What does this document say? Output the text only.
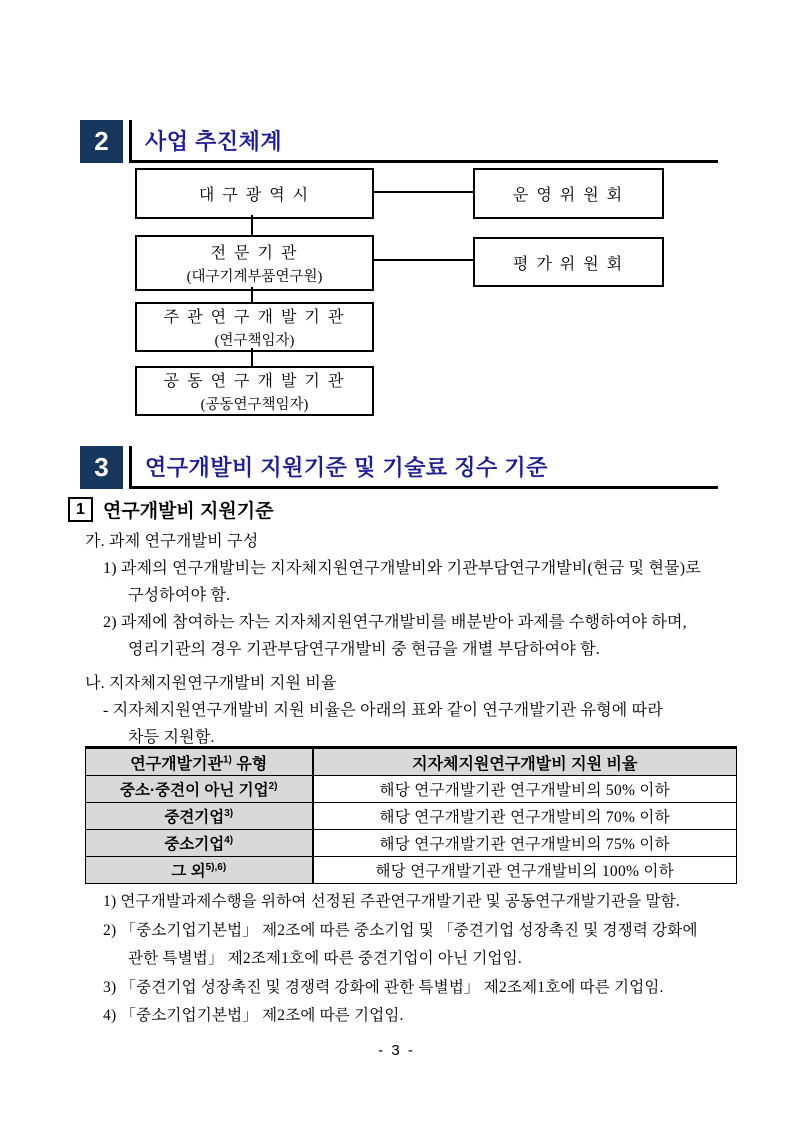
2	사업 추진체계
대 구 광 역 시	운 영 위 원 회
전 문 기 관
(대구기계부품연구원)
평 가 위 원 회
주 관 연 구 개 발 기 관
(연구책임자)
공 동 연 구 개 발 기 관
(공동연구책임자)
3	연구개발비 지원기준 및 기술료 징수 기준
1 연구개발비 지원기준
가. 과제 연구개발비 구성
1) 과제의 연구개발비는 지자체지원연구개발비와 기관부담연구개발비(현금 및 현물)로
구성하여야 함.
2) 과제에 참여하는 자는 지자체지원연구개발비를 배분받아 과제를 수행하여야 하며,
영리기관의 경우 기관부담연구개발비 중 현금을 개별 부담하여야 함.
나. 지자체지원연구개발비 지원 비율
- 지자체지원연구개발비 지원 비율은 아래의 표와 같이 연구개발기관 유형에 따라
차등 지원함.
연구개발기관$^{1)}$ 유형	지자체지원연구개발비 지원 비율
중소·중견이 아닌 기업$^{2)}$	해당 연구개발기관 연구개발비의 50% 이하
중견기업$^{3)}$	해당 연구개발기관 연구개발비의 70% 이하
중소기업$^{4)}$	해당 연구개발기관 연구개발비의 75% 이하
그 외$^{5),6)}$	해당 연구개발기관 연구개발비의 100% 이하
1) 연구개발과제수행을 위하여 선정된 주관연구개발기관 및 공동연구개발기관을 말함.
2) 「중소기업기본법」 제2조에 따른 중소기업 및 「중견기업 성장촉진 및 경쟁력 강화에
관한 특별법」 제2조제1호에 따른 중견기업이 아닌 기업임.
3) 「중견기업 성장촉진 및 경쟁력 강화에 관한 특별법」 제2조제1호에 따른 기업임.
4) 「중소기업기본법」 제2조에 따른 기업임.
- 3 -
